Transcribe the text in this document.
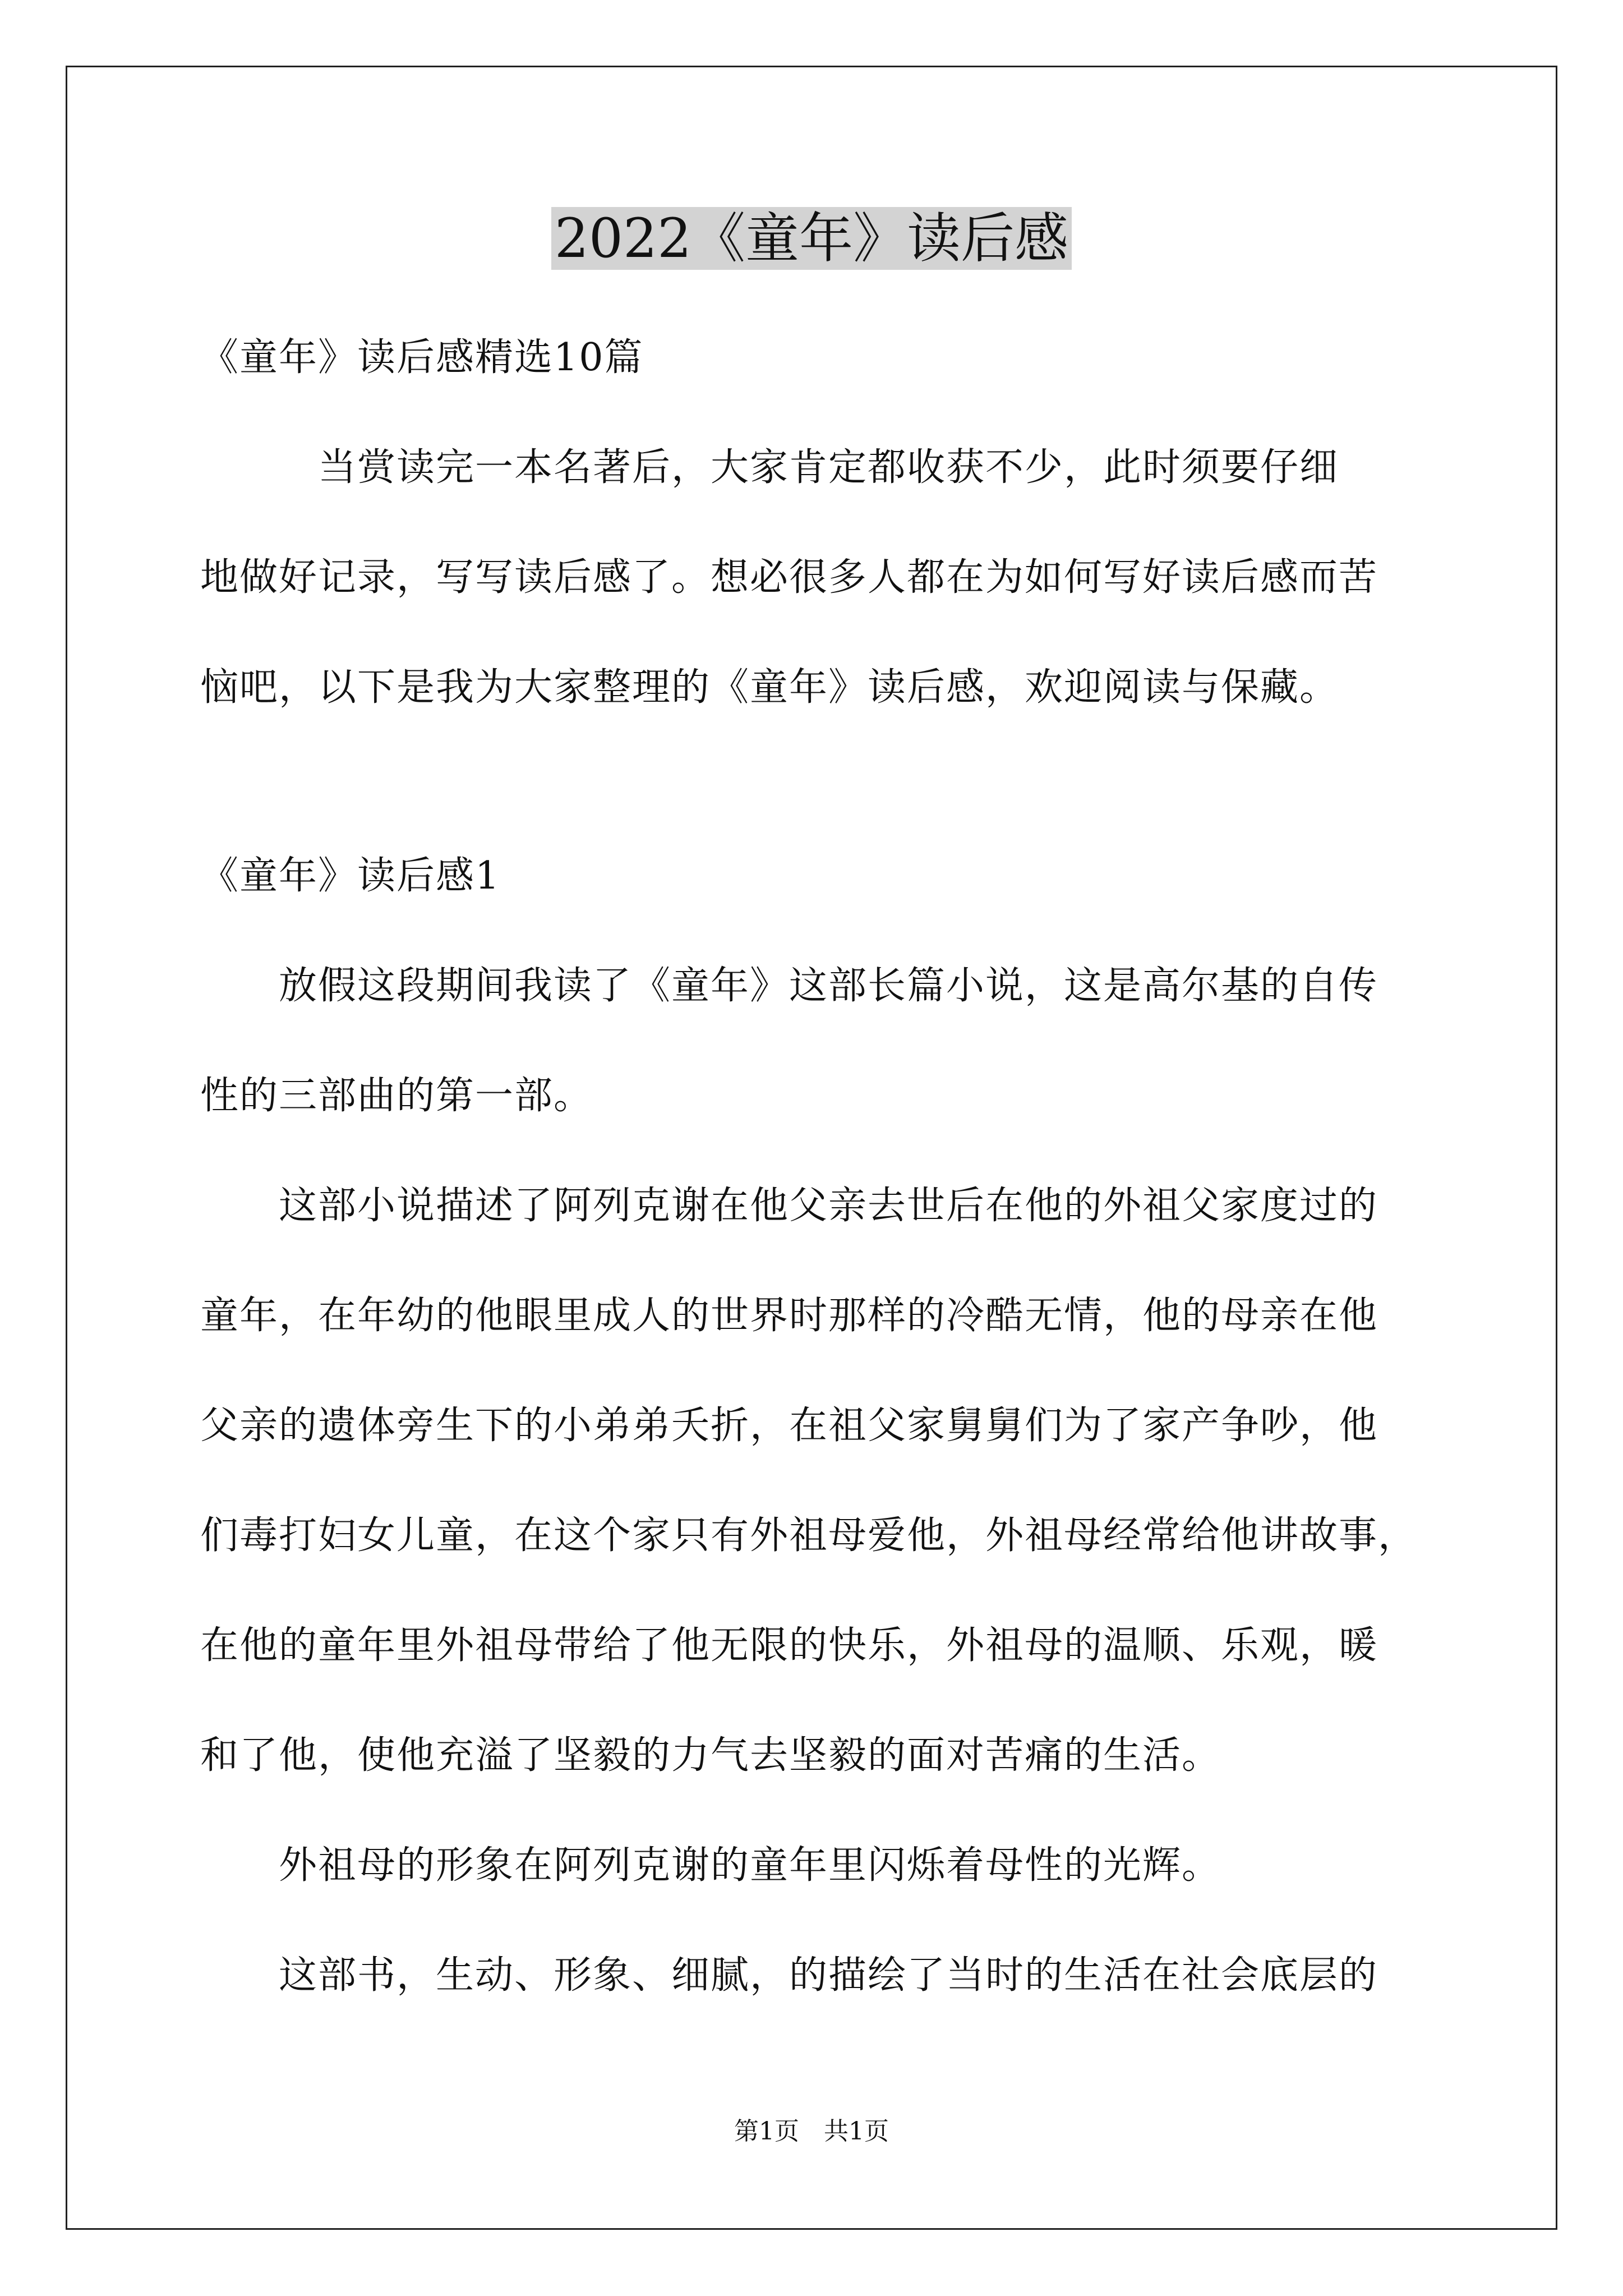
2022《童年》读后感
《童年》读后感精选10篇
　　　当赏读完一本名著后，大家肯定都收获不少，此时须要仔细
地做好记录，写写读后感了。想必很多人都在为如何写好读后感而苦
恼吧，以下是我为大家整理的《童年》读后感，欢迎阅读与保藏。
《童年》读后感1
　　放假这段期间我读了《童年》这部长篇小说，这是高尔基的自传
性的三部曲的第一部。
　　这部小说描述了阿列克谢在他父亲去世后在他的外祖父家度过的
童年，在年幼的他眼里成人的世界时那样的冷酷无情，他的母亲在他
父亲的遗体旁生下的小弟弟夭折，在祖父家舅舅们为了家产争吵，他
们毒打妇女儿童，在这个家只有外祖母爱他，外祖母经常给他讲故事，
在他的童年里外祖母带给了他无限的快乐，外祖母的温顺、乐观，暖
和了他，使他充溢了坚毅的力气去坚毅的面对苦痛的生活。
　　外祖母的形象在阿列克谢的童年里闪烁着母性的光辉。
　　这部书，生动、形象、细腻，的描绘了当时的生活在社会底层的
第1页 共1页
